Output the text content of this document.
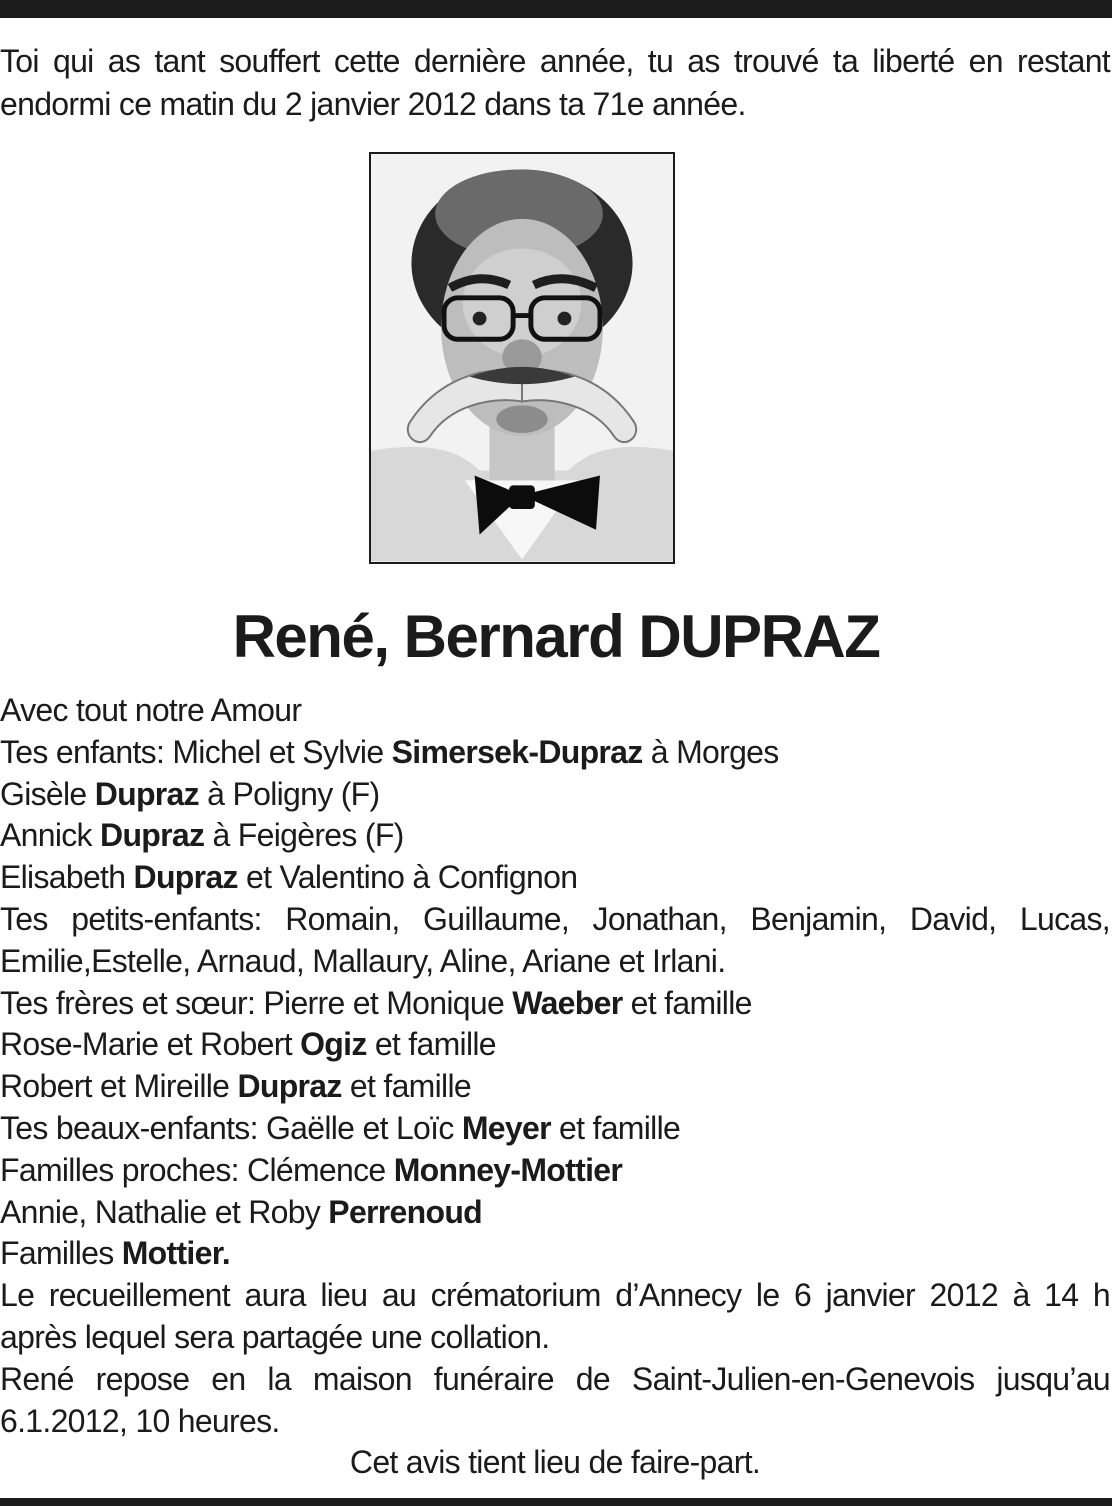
Toi qui as tant souffert cette dernière année, tu as trouvé ta liberté en restant endormi ce matin du 2 janvier 2012 dans ta 71e année.

René, Bernard DUPRAZ
Avec tout notre Amour
Tes enfants: Michel et Sylvie Simersek-Dupraz à Morges
Gisèle Dupraz à Poligny (F)
Annick Dupraz à Feigères (F)
Elisabeth Dupraz et Valentino à Confignon
Tes petits-enfants: Romain, Guillaume, Jonathan, Benjamin, David, Lucas, Emilie,Estelle, Arnaud, Mallaury, Aline, Ariane et Irlani.
Tes frères et sœur: Pierre et Monique Waeber et famille
Rose-Marie et Robert Ogiz et famille
Robert et Mireille Dupraz et famille
Tes beaux-enfants: Gaëlle et Loïc Meyer et famille
Familles proches: Clémence Monney-Mottier
Annie, Nathalie et Roby Perrenoud
Familles Mottier.
Le recueillement aura lieu au crématorium d’Annecy le 6 janvier 2012 à 14 h après lequel sera partagée une collation.
René repose en la maison funéraire de Saint-Julien-en-Genevois jusqu’au 6.1.2012, 10 heures.
Cet avis tient lieu de faire-part.
